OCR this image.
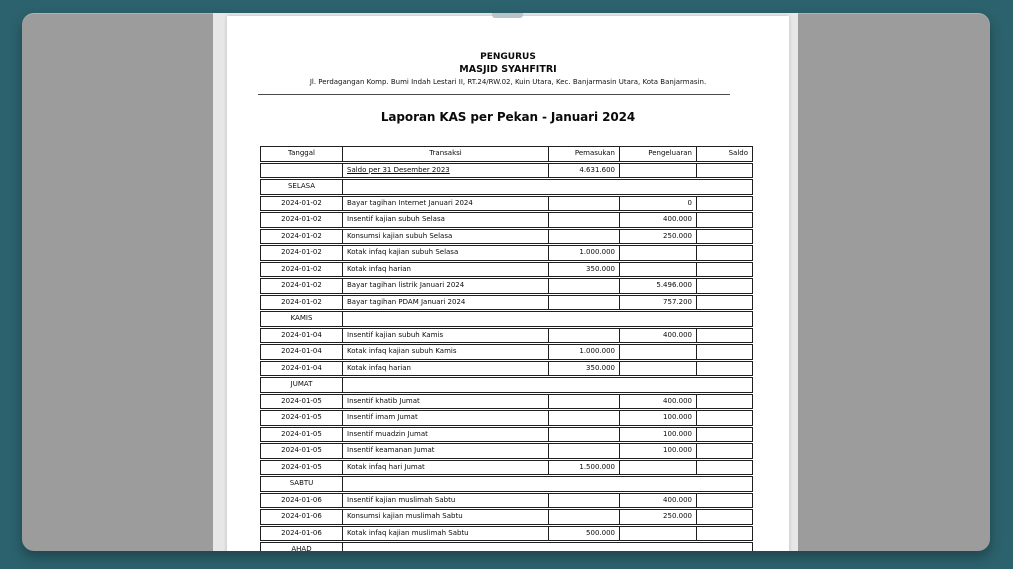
PENGURUS
MASJID SYAHFITRI
Jl. Perdagangan Komp. Bumi Indah Lestari II, RT.24/RW.02, Kuin Utara, Kec. Banjarmasin Utara, Kota Banjarmasin.
Laporan KAS per Pekan - Januari 2024
Tanggal	Transaksi	Pemasukan	Pengeluaran	Saldo
	Saldo per 31 Desember 2023	4.631.600		
SELASA				
2024-01-02	Bayar tagihan Internet Januari 2024		0	
2024-01-02	Insentif kajian subuh Selasa		400.000	
2024-01-02	Konsumsi kajian subuh Selasa		250.000	
2024-01-02	Kotak infaq kajian subuh Selasa	1.000.000		
2024-01-02	Kotak infaq harian	350.000		
2024-01-02	Bayar tagihan listrik Januari 2024		5.496.000	
2024-01-02	Bayar tagihan PDAM Januari 2024		757.200	
KAMIS				
2024-01-04	Insentif kajian subuh Kamis		400.000	
2024-01-04	Kotak infaq kajian subuh Kamis	1.000.000		
2024-01-04	Kotak infaq harian	350.000		
JUMAT				
2024-01-05	Insentif khatib Jumat		400.000	
2024-01-05	Insentif imam Jumat		100.000	
2024-01-05	Insentif muadzin Jumat		100.000	
2024-01-05	Insentif keamanan Jumat		100.000	
2024-01-05	Kotak infaq hari Jumat	1.500.000		
SABTU				
2024-01-06	Insentif kajian muslimah Sabtu		400.000	
2024-01-06	Konsumsi kajian muslimah Sabtu		250.000	
2024-01-06	Kotak infaq kajian muslimah Sabtu	500.000		
AHAD				
